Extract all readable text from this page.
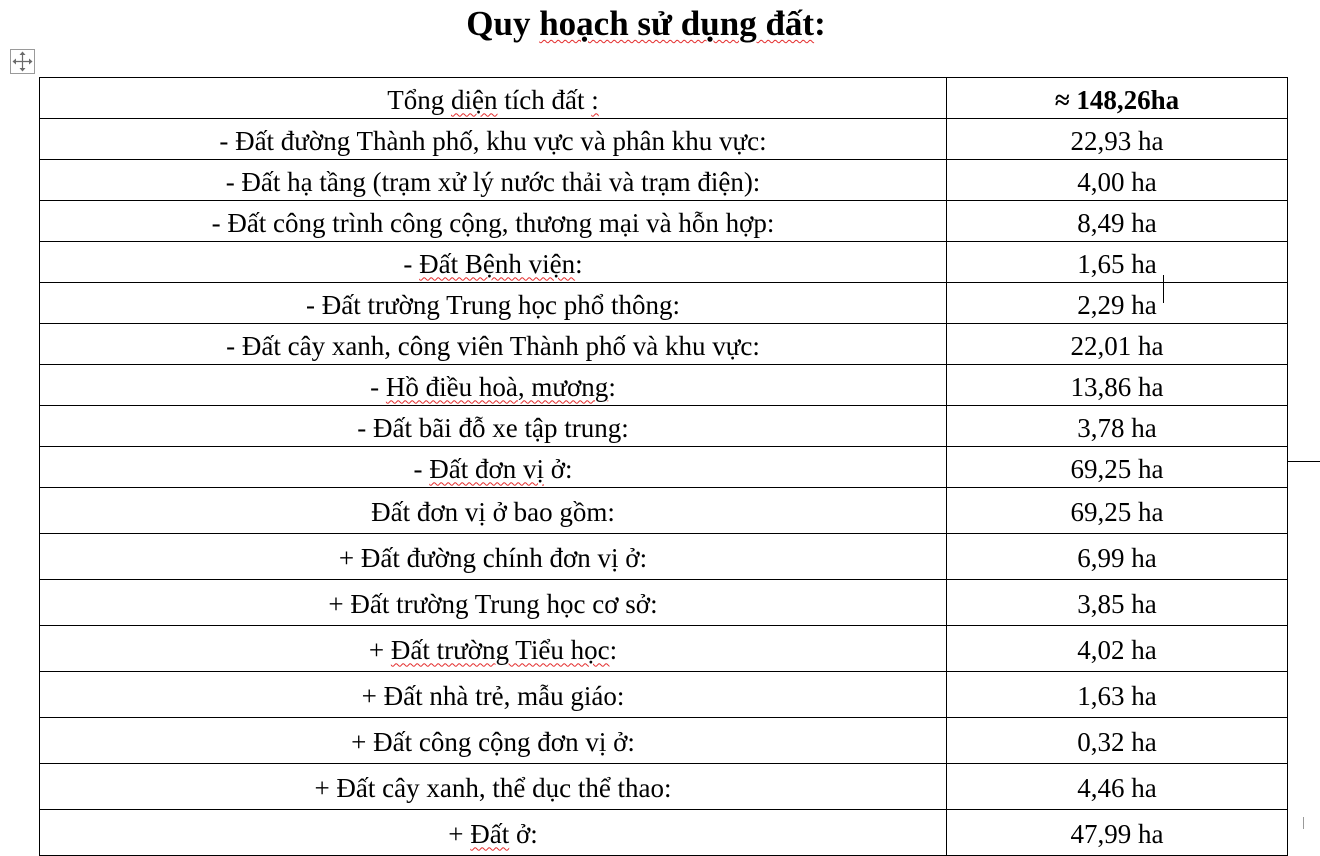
Quy hoạch sử dụng đất:
Tổng diện tích đất :	≈ 148,26ha
- Đất đường Thành phố, khu vực và phân khu vực:	22,93 ha
- Đất hạ tầng (trạm xử lý nước thải và trạm điện):	4,00 ha
- Đất công trình công cộng, thương mại và hỗn hợp:	8,49 ha
- Đất Bệnh viện:	1,65 ha
- Đất trường Trung học phổ thông:	2,29 ha
- Đất cây xanh, công viên Thành phố và khu vực:	22,01 ha
- Hồ điều hoà, mương:	13,86 ha
- Đất bãi đỗ xe tập trung:	3,78 ha
- Đất đơn vị ở:	69,25 ha
Đất đơn vị ở bao gồm:	69,25 ha
+ Đất đường chính đơn vị ở:	6,99 ha
+ Đất trường Trung học cơ sở:	3,85 ha
+ Đất trường Tiểu học:	4,02 ha
+ Đất nhà trẻ, mẫu giáo:	1,63 ha
+ Đất công cộng đơn vị ở:	0,32 ha
+ Đất cây xanh, thể dục thể thao:	4,46 ha
+ Đất ở:	47,99 ha
